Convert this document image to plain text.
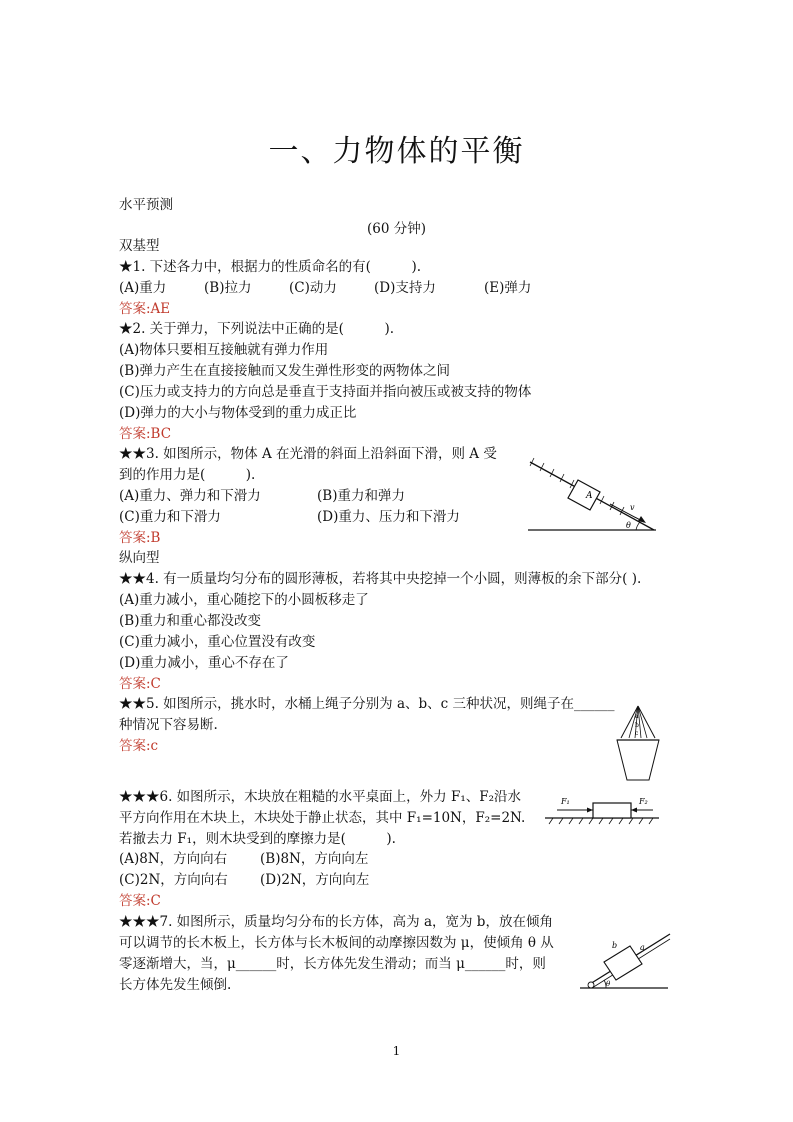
一、力物体的平衡
水平预测
(60 分钟)
双基型
★1. 下述各力中，根据力的性质命名的有(　　　).
(A)重力	(B)拉力	(C)动力	(D)支持力	(E)弹力
答案:AE
★2. 关于弹力，下列说法中正确的是(　　　).
(A)物体只要相互接触就有弹力作用
(B)弹力产生在直接接触而又发生弹性形变的两物体之间
(C)压力或支持力的方向总是垂直于支持面并指向被压或被支持的物体
(D)弹力的大小与物体受到的重力成正比
答案:BC
★★3. 如图所示，物体 A 在光滑的斜面上沿斜面下滑，则 A 受
到的作用力是(　　　).
(A)重力、弹力和下滑力	(B)重力和弹力
(C)重力和下滑力	(D)重力、压力和下滑力
答案:B
A
v
θ
纵向型
★★4. 有一质量均匀分布的圆形薄板，若将其中央挖掉一个小圆，则薄板的余下部分( ).
(A)重力减小，重心随挖下的小圆板移走了
(B)重力和重心都没改变
(C)重力减小，重心位置没有改变
(D)重力减小，重心不存在了
答案:C
★★5. 如图所示，挑水时，水桶上绳子分别为 a、b、c 三种状况，则绳子在______
种情况下容易断.
答案:c
a
b
c
★★★6. 如图所示，木块放在粗糙的水平桌面上，外力 F₁、F₂沿水
平方向作用在木块上，木块处于静止状态，其中 F₁=10N，F₂=2N.
若撤去力 F₁，则木块受到的摩擦力是(　　　).
(A)8N，方向向右 (B)8N，方向向左
(C)2N，方向向右 (D)2N，方向向左
答案:C
F₁	F₂
★★★7. 如图所示，质量均匀分布的长方体，高为 a，宽为 b，放在倾角
可以调节的长木板上，长方体与长木板间的动摩擦因数为 μ，使倾角 θ 从
零逐渐增大，当，μ______时，长方体先发生滑动；而当 μ______时，则
长方体先发生倾倒.
b	a
θ
1
